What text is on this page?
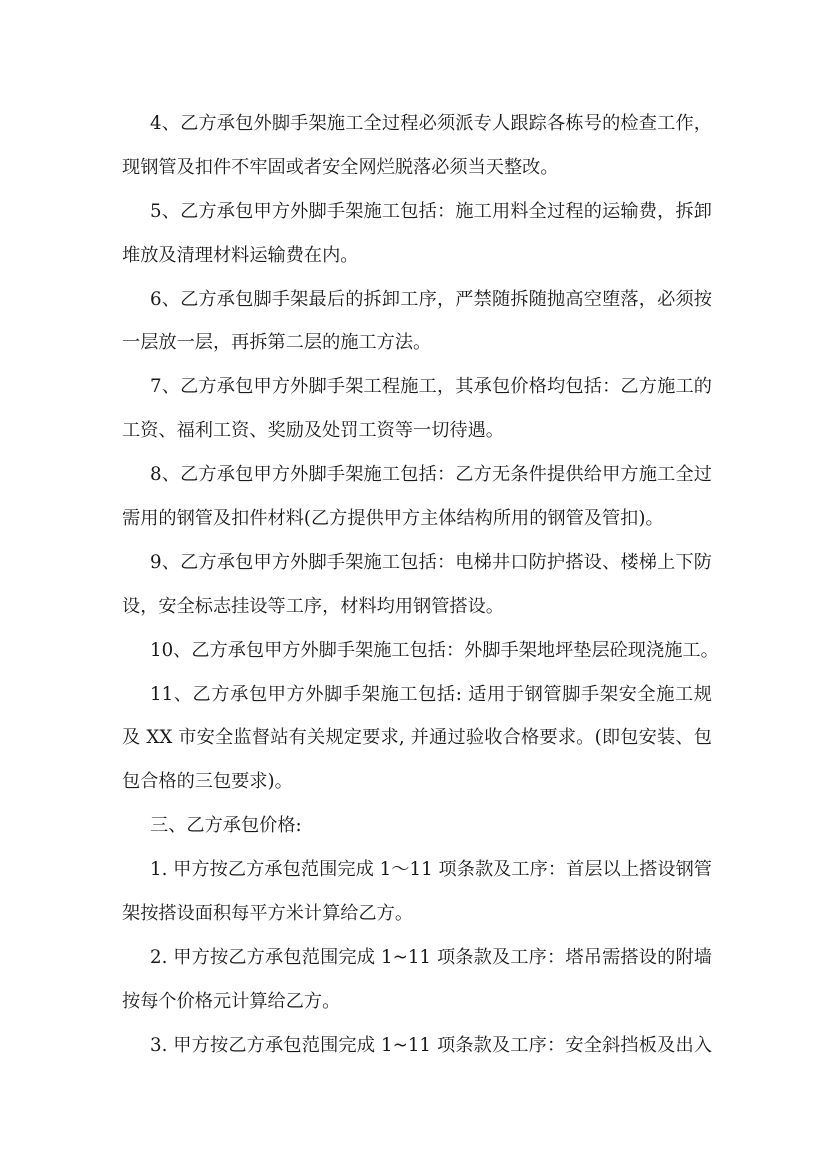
4、乙方承包外脚手架施工全过程必须派专人跟踪各栋号的检查工作，
现钢管及扣件不牢固或者安全网烂脱落必须当天整改。
5、乙方承包甲方外脚手架施工包括：施工用料全过程的运输费，拆卸
堆放及清理材料运输费在内。
6、乙方承包脚手架最后的拆卸工序，严禁随拆随抛高空堕落，必须按
一层放一层，再拆第二层的施工方法。
7、乙方承包甲方外脚手架工程施工，其承包价格均包括：乙方施工的
工资、福利工资、奖励及处罚工资等一切待遇。
8、乙方承包甲方外脚手架施工包括：乙方无条件提供给甲方施工全过
需用的钢管及扣件材料(乙方提供甲方主体结构所用的钢管及管扣)。
9、乙方承包甲方外脚手架施工包括：电梯井口防护搭设、楼梯上下防
设，安全标志挂设等工序，材料均用钢管搭设。
10、乙方承包甲方外脚手架施工包括：外脚手架地坪垫层砼现浇施工。
11、乙方承包甲方外脚手架施工包括: 适用于钢管脚手架安全施工规
及 XX 市安全监督站有关规定要求, 并通过验收合格要求。(即包安装、包
包合格的三包要求)。
三、乙方承包价格:
1. 甲方按乙方承包范围完成 1～11 项条款及工序：首层以上搭设钢管
架按搭设面积每平方米计算给乙方。
2. 甲方按乙方承包范围完成 1~11 项条款及工序：塔吊需搭设的附墙
按每个价格元计算给乙方。
3. 甲方按乙方承包范围完成 1~11 项条款及工序：安全斜挡板及出入
